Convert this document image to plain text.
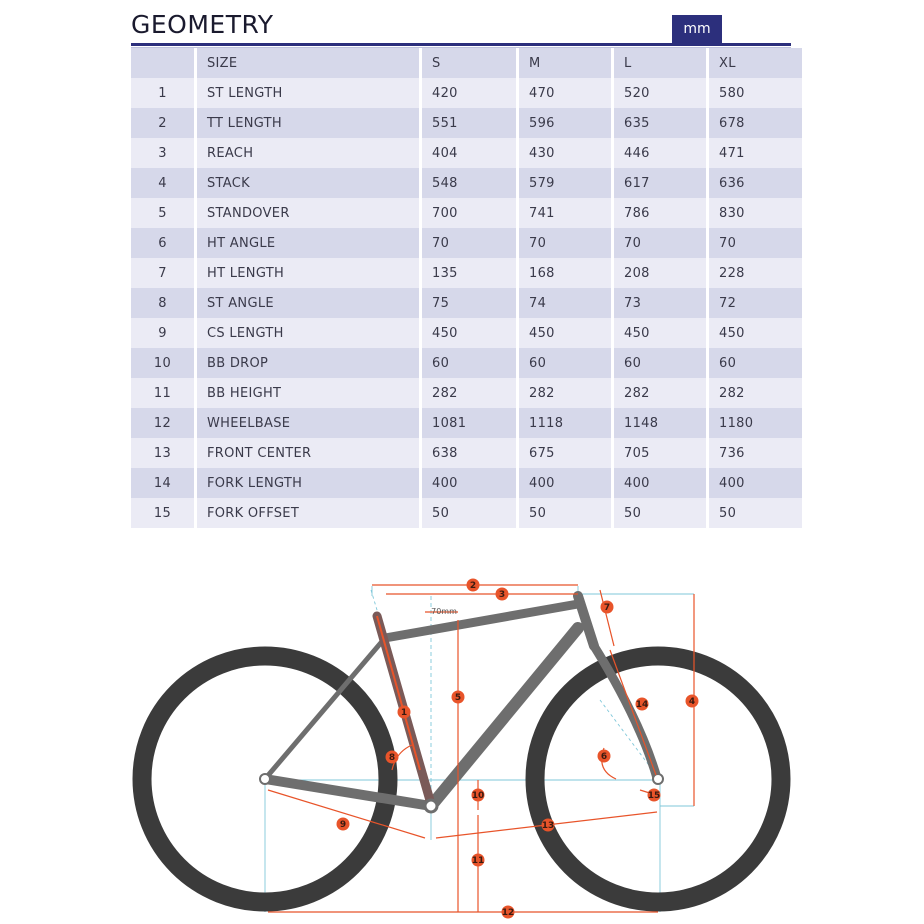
GEOMETRY	mm
	SIZE	S	M	L	XL
1	ST LENGTH	420	470	520	580
2	TT LENGTH	551	596	635	678
3	REACH	404	430	446	471
4	STACK	548	579	617	636
5	STANDOVER	700	741	786	830
6	HT ANGLE	70	70	70	70
7	HT LENGTH	135	168	208	228
8	ST ANGLE	75	74	73	72
9	CS LENGTH	450	450	450	450
10	BB DROP	60	60	60	60
11	BB HEIGHT	282	282	282	282
12	WHEELBASE	1081	1118	1148	1180
13	FRONT CENTER	638	675	705	736
14	FORK LENGTH	400	400	400	400
15	FORK OFFSET	50	50	50	50
70mm
1
2
3
4
5
6
7
8
9
10
11
12
13
14
15
